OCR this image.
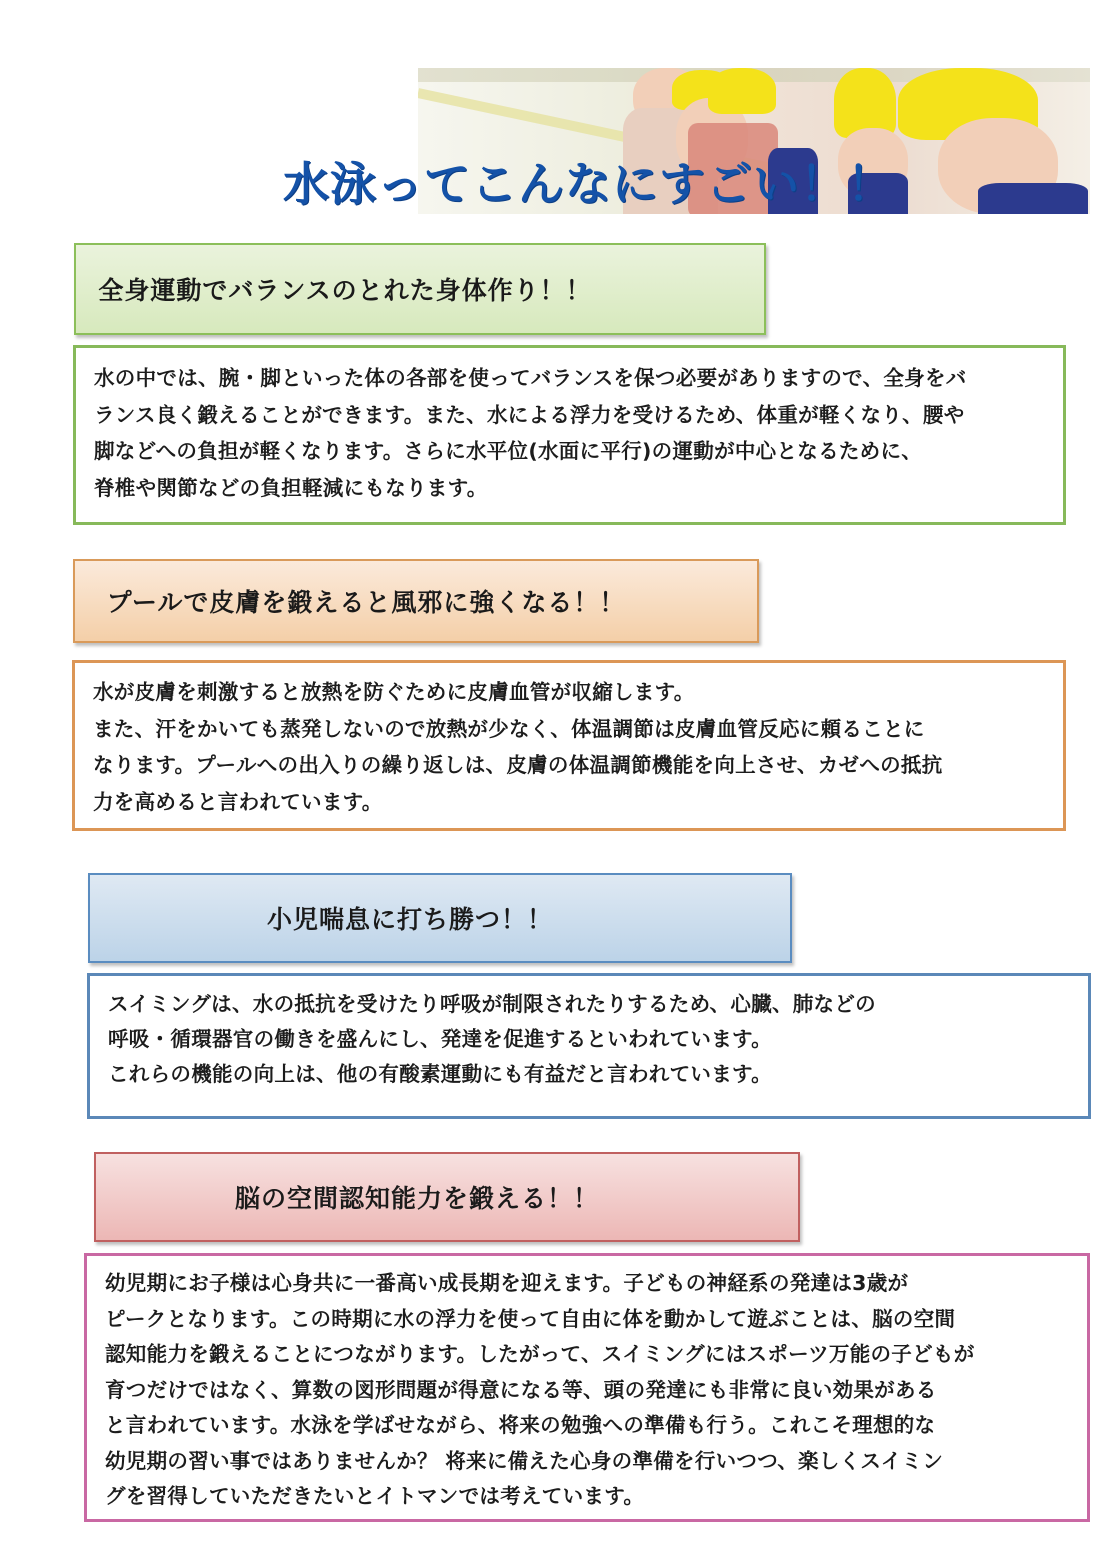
水泳ってこんなにすごい！！
全身運動でバランスのとれた身体作り！！

水の中では、腕・脚といった体の各部を使ってバランスを保つ必要がありますので、全身をバ

ランス良く鍛えることができます。また、水による浮力を受けるため、体重が軽くなり、腰や

脚などへの負担が軽くなります。さらに水平位(水面に平行)の運動が中心となるために、

脊椎や関節などの負担軽減にもなります。

プールで皮膚を鍛えると風邪に強くなる！！

水が皮膚を刺激すると放熱を防ぐために皮膚血管が収縮します。

また、汗をかいても蒸発しないので放熱が少なく、体温調節は皮膚血管反応に頼ることに

なります。プールへの出入りの繰り返しは、皮膚の体温調節機能を向上させ、カゼへの抵抗

力を高めると言われています。

小児喘息に打ち勝つ！！

スイミングは、水の抵抗を受けたり呼吸が制限されたりするため、心臓、肺などの

呼吸・循環器官の働きを盛んにし、発達を促進するといわれています。

これらの機能の向上は、他の有酸素運動にも有益だと言われています。

脳の空間認知能力を鍛える！！

幼児期にお子様は心身共に一番高い成長期を迎えます。子どもの神経系の発達は3歳が

ピークとなります。この時期に水の浮力を使って自由に体を動かして遊ぶことは、脳の空間

認知能力を鍛えることにつながります。したがって、スイミングにはスポーツ万能の子どもが

育つだけではなく、算数の図形問題が得意になる等、頭の発達にも非常に良い効果がある

と言われています。水泳を学ばせながら、将来の勉強への準備も行う。これこそ理想的な

幼児期の習い事ではありませんか？ 将来に備えた心身の準備を行いつつ、楽しくスイミン

グを習得していただきたいとイトマンでは考えています。
